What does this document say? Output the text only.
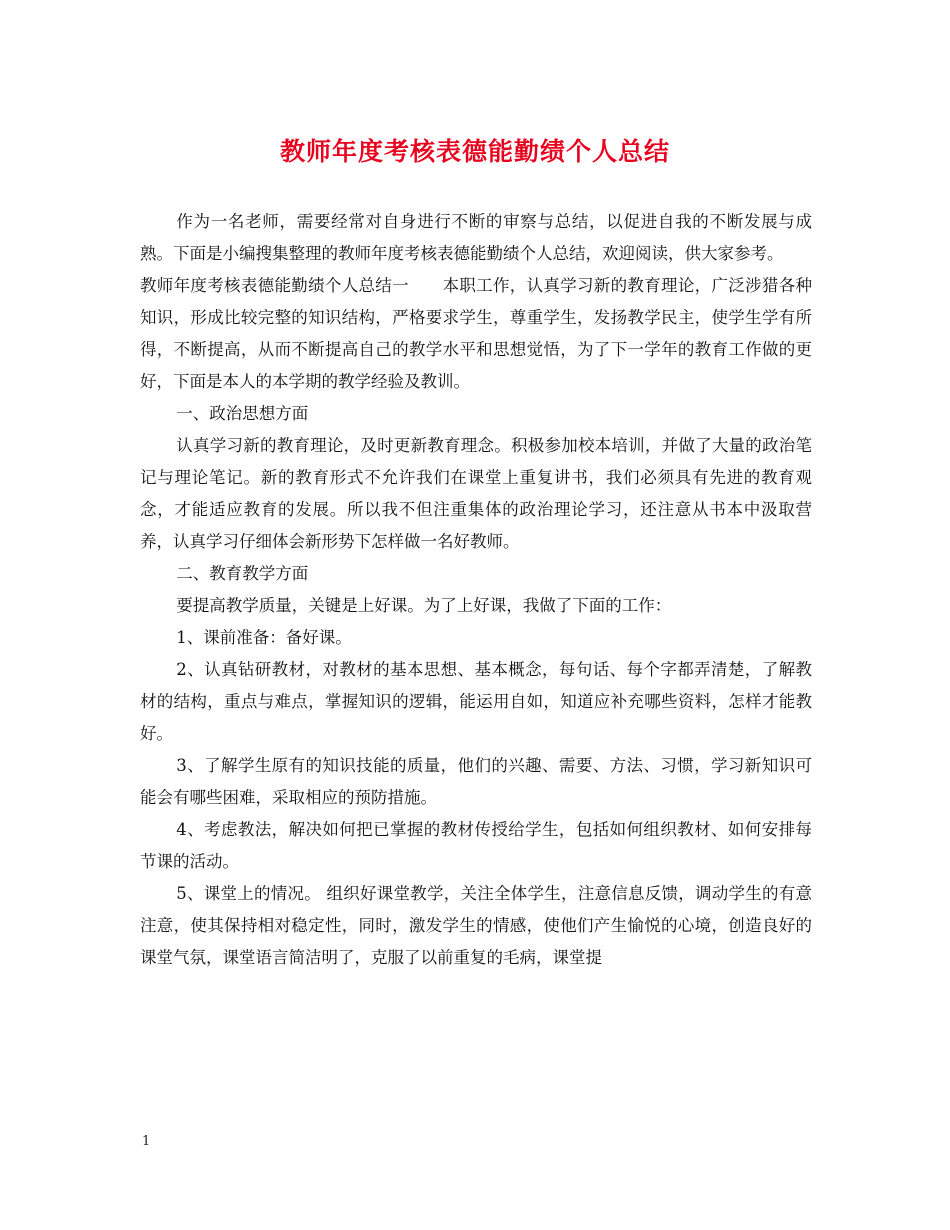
教师年度考核表德能勤绩个人总结

作为一名老师，需要经常对自身进行不断的审察与总结，以促进自我的不断发展与成熟。下面是小编搜集整理的教师年度考核表德能勤绩个人总结，欢迎阅读，供大家参考。

教师年度考核表德能勤绩个人总结一　　本职工作，认真学习新的教育理论，广泛涉猎各种知识，形成比较完整的知识结构，严格要求学生，尊重学生，发扬教学民主，使学生学有所得，不断提高，从而不断提高自己的教学水平和思想觉悟，为了下一学年的教育工作做的更好，下面是本人的本学期的教学经验及教训。

一、政治思想方面

认真学习新的教育理论，及时更新教育理念。积极参加校本培训，并做了大量的政治笔记与理论笔记。新的教育形式不允许我们在课堂上重复讲书，我们必须具有先进的教育观念，才能适应教育的发展。所以我不但注重集体的政治理论学习，还注意从书本中汲取营养，认真学习仔细体会新形势下怎样做一名好教师。

二、教育教学方面

要提高教学质量，关键是上好课。为了上好课，我做了下面的工作：

1、课前准备：备好课。

2、认真钻研教材，对教材的基本思想、基本概念，每句话、每个字都弄清楚，了解教材的结构，重点与难点，掌握知识的逻辑，能运用自如，知道应补充哪些资料，怎样才能教好。

3、了解学生原有的知识技能的质量，他们的兴趣、需要、方法、习惯，学习新知识可能会有哪些困难，采取相应的预防措施。

4、考虑教法，解决如何把已掌握的教材传授给学生，包括如何组织教材、如何安排每节课的活动。

5、课堂上的情况。 组织好课堂教学，关注全体学生，注意信息反馈，调动学生的有意注意，使其保持相对稳定性，同时，激发学生的情感，使他们产生愉悦的心境，创造良好的课堂气氛，课堂语言简洁明了，克服了以前重复的毛病，课堂提

1
